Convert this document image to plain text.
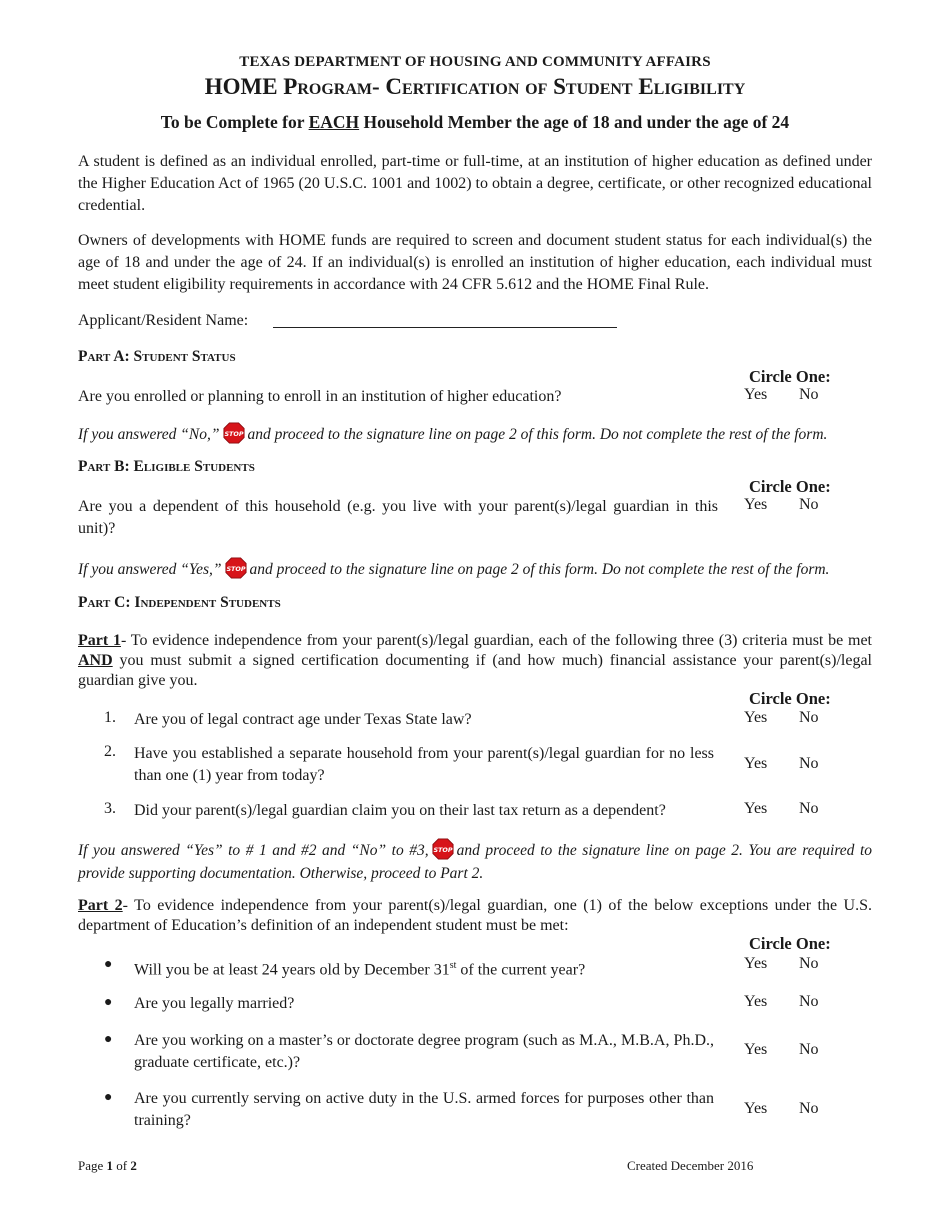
TEXAS DEPARTMENT OF HOUSING AND COMMUNITY AFFAIRS
HOME Program- Certification of Student Eligibility
To be Complete for EACH Household Member the age of 18 and under the age of 24
A student is defined as an individual enrolled, part-time or full-time, at an institution of higher education as defined under the Higher Education Act of 1965 (20 U.S.C. 1001 and 1002) to obtain a degree, certificate, or other recognized educational credential.
Owners of developments with HOME funds are required to screen and document student status for each individual(s) the age of 18 and under the age of 24. If an individual(s) is enrolled an institution of higher education, each individual must meet student eligibility requirements in accordance with 24 CFR 5.612 and the HOME Final Rule.
Applicant/Resident Name:
Part A: Student Status
Circle One:
Are you enrolled or planning to enroll in an institution of higher education?	Yes No
If you answered “No,” STOP and proceed to the signature line on page 2 of this form. Do not complete the rest of the form.
Part B: Eligible Students
Circle One:
Are you a dependent of this household (e.g. you live with your parent(s)/legal guardian in this unit)?
Yes No
If you answered “Yes,” STOP and proceed to the signature line on page 2 of this form. Do not complete the rest of the form.
Part C: Independent Students
Part 1- To evidence independence from your parent(s)/legal guardian, each of the following three (3) criteria must be met AND you must submit a signed certification documenting if (and how much) financial assistance your parent(s)/legal guardian give you.
Circle One:
1. Are you of legal contract age under Texas State law?	Yes No
2. Have you established a separate household from your parent(s)/legal guardian for no less than one (1) year from today?
Yes No
3. Did your parent(s)/legal guardian claim you on their last tax return as a dependent?	Yes No
If you answered “Yes” to # 1 and #2 and “No” to #3, STOP and proceed to the signature line on page 2. You are required to provide supporting documentation. Otherwise, proceed to Part 2.
Part 2- To evidence independence from your parent(s)/legal guardian, one (1) of the below exceptions under the U.S. department of Education’s definition of an independent student must be met:
Circle One:
● Will you be at least 24 years old by December 31st of the current year?	Yes No
● Are you legally married?	Yes No
● Are you working on a master’s or doctorate degree program (such as M.A., M.B.A, Ph.D., graduate certificate, etc.)?
Yes No
● Are you currently serving on active duty in the U.S. armed forces for purposes other than training?
Yes No
Page 1 of 2	Created December 2016
